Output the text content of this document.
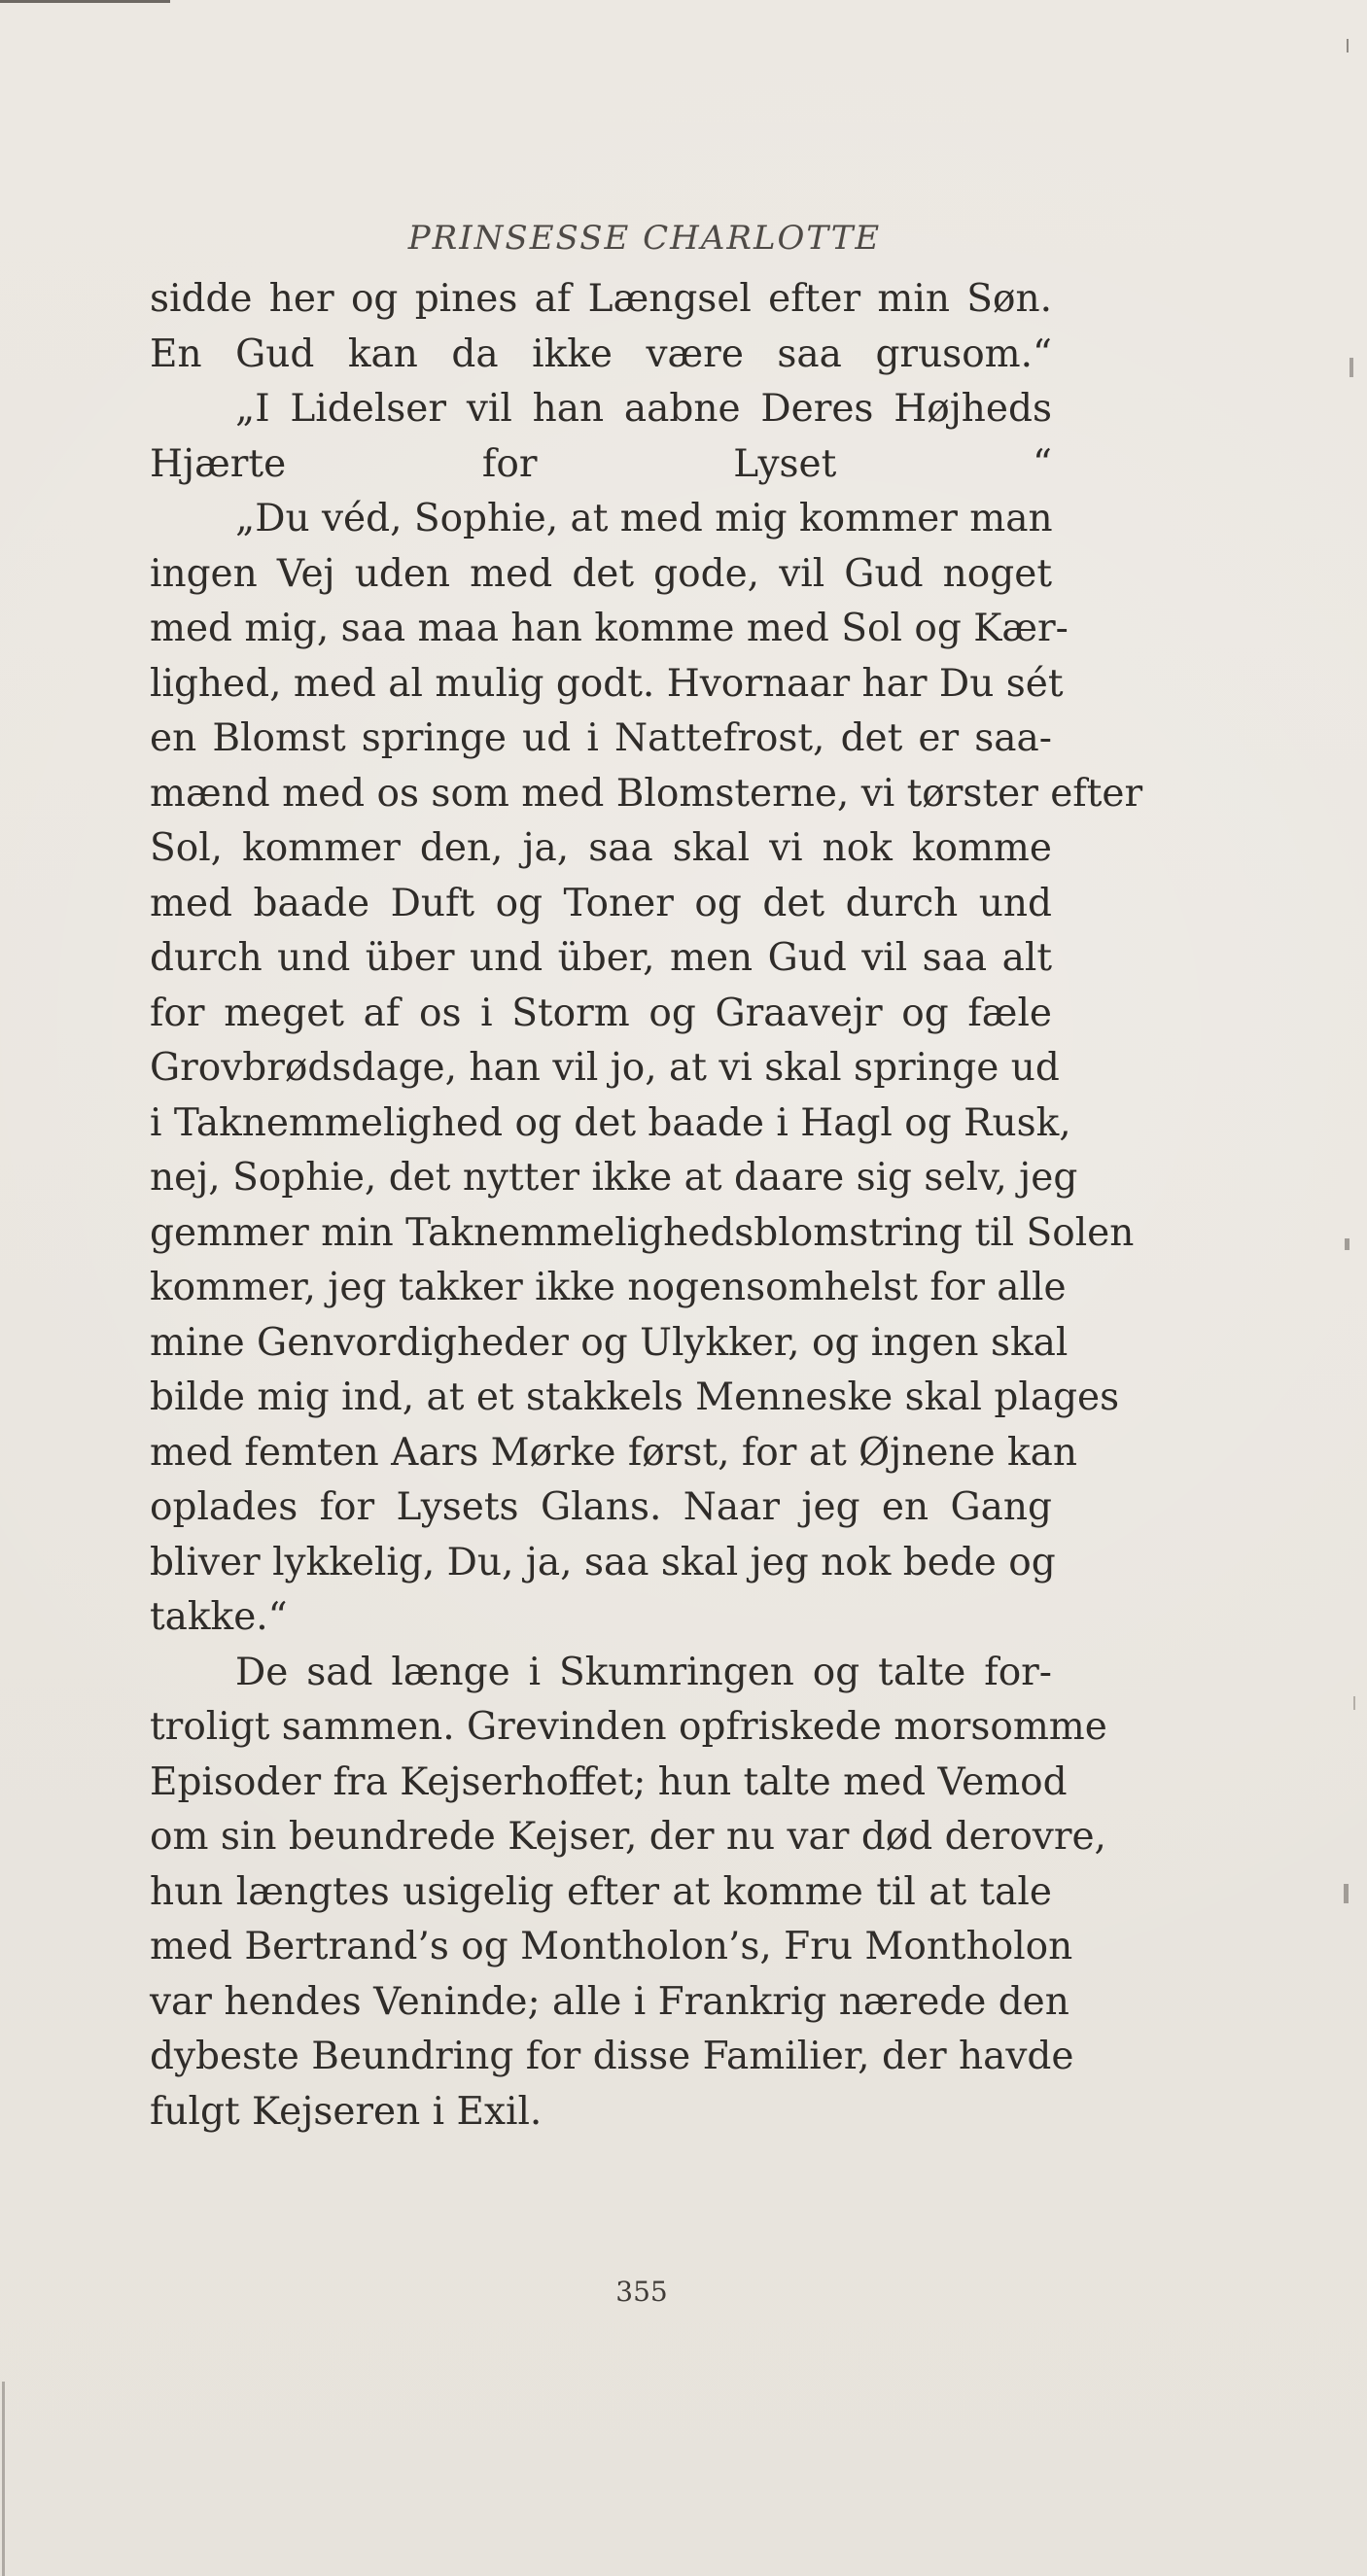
PRINSESSE CHARLOTTE
sidde her og pines af Længsel efter min Søn.
En Gud kan da ikke være saa grusom.“
„I Lidelser vil han aabne Deres Højheds
Hjærte for Lyset “
„Du véd, Sophie, at med mig kommer man
ingen Vej uden med det gode, vil Gud noget
med mig, saa maa han komme med Sol og Kær-
lighed, med al mulig godt. Hvornaar har Du sét
en Blomst springe ud i Nattefrost, det er saa-
mænd med os som med Blomsterne, vi tørster efter
Sol, kommer den, ja, saa skal vi nok komme
med baade Duft og Toner og det durch und
durch und über und über, men Gud vil saa alt
for meget af os i Storm og Graavejr og fæle
Grovbrødsdage, han vil jo, at vi skal springe ud
i Taknemmelighed og det baade i Hagl og Rusk,
nej, Sophie, det nytter ikke at daare sig selv, jeg
gemmer min Taknemmelighedsblomstring til Solen
kommer, jeg takker ikke nogensomhelst for alle
mine Genvordigheder og Ulykker, og ingen skal
bilde mig ind, at et stakkels Menneske skal plages
med femten Aars Mørke først, for at Øjnene kan
oplades for Lysets Glans. Naar jeg en Gang
bliver lykkelig, Du, ja, saa skal jeg nok bede og
takke.“
De sad længe i Skumringen og talte for-
troligt sammen. Grevinden opfriskede morsomme
Episoder fra Kejserhoffet; hun talte med Vemod
om sin beundrede Kejser, der nu var død derovre,
hun længtes usigelig efter at komme til at tale
med Bertrand’s og Montholon’s, Fru Montholon
var hendes Veninde; alle i Frankrig nærede den
dybeste Beundring for disse Familier, der havde
fulgt Kejseren i Exil.
355
